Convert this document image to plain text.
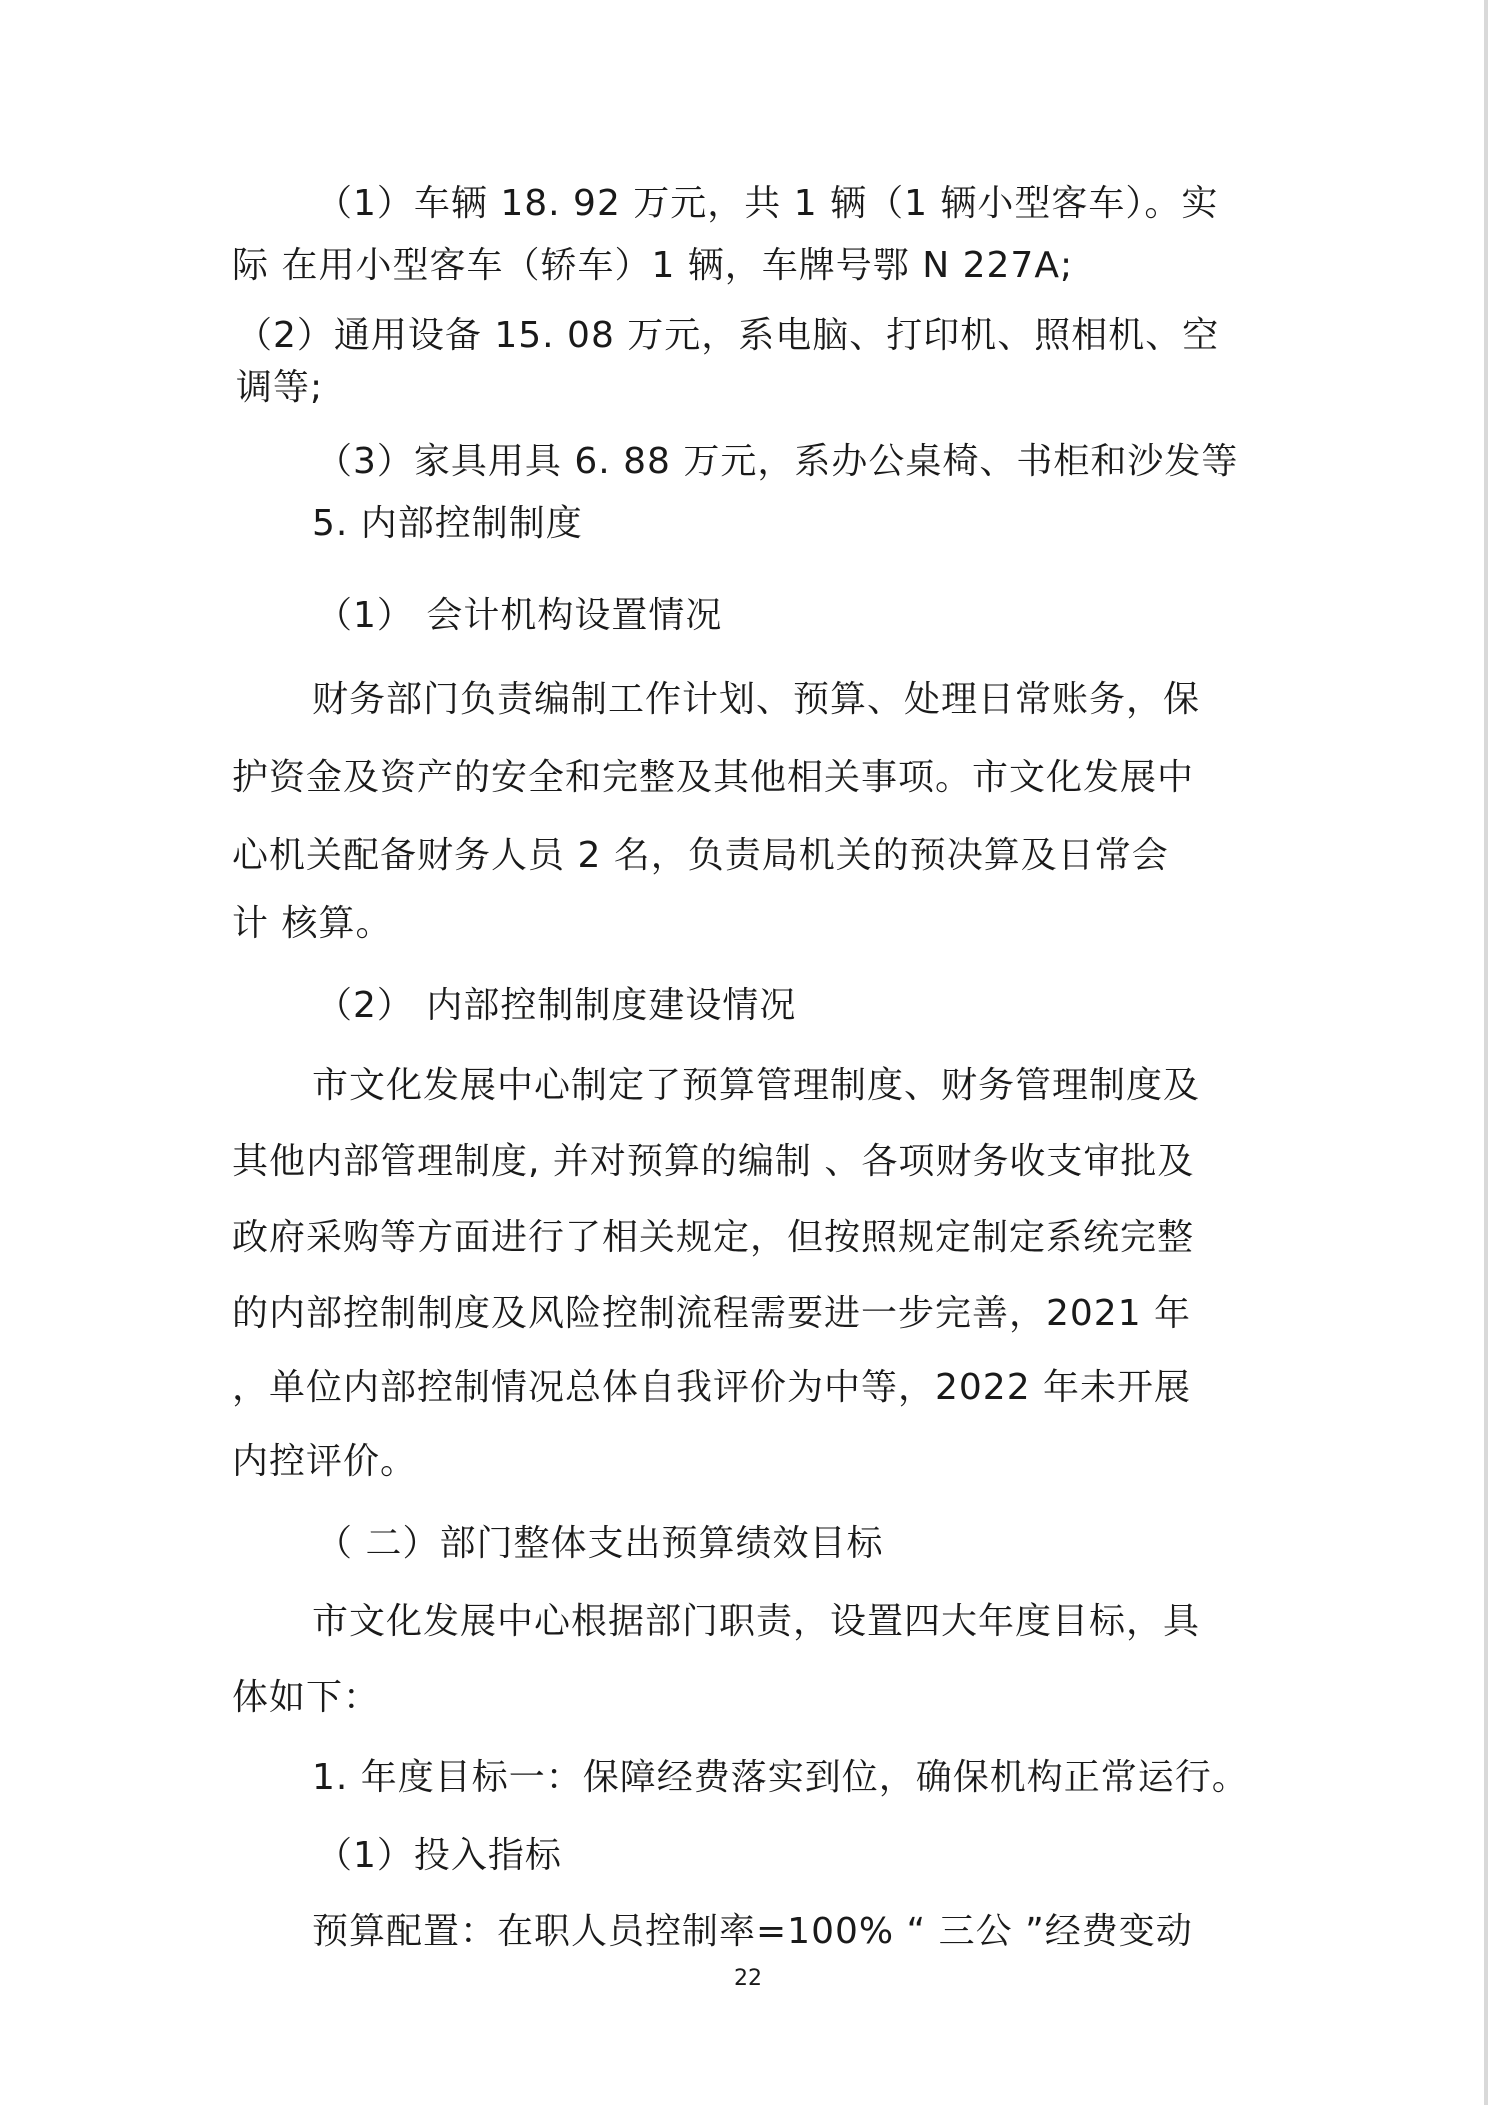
（1）车辆 18. 92 万元，共 1 辆（1 辆小型客车）。实
际 在用小型客车（轿车）1 辆，车牌号鄂 N 227A;
（2）通用设备 15. 08 万元，系电脑、打印机、照相机、空
调等;
（3）家具用具 6. 88 万元，系办公桌椅、书柜和沙发等
5. 内部控制制度
（1） 会计机构设置情况
财务部门负责编制工作计划、预算、处理日常账务，保
护资金及资产的安全和完整及其他相关事项。市文化发展中
心机关配备财务人员 2 名，负责局机关的预决算及日常会
计 核算。
（2） 内部控制制度建设情况
市文化发展中心制定了预算管理制度、财务管理制度及
其他内部管理制度, 并对预算的编制 、各项财务收支审批及
政府采购等方面进行了相关规定，但按照规定制定系统完整
的内部控制制度及风险控制流程需要进一步完善，2021 年
，单位内部控制情况总体自我评价为中等，2022 年未开展
内控评价。
（ 二）部门整体支出预算绩效目标
市文化发展中心根据部门职责，设置四大年度目标，具
体如下：
1. 年度目标一：保障经费落实到位，确保机构正常运行。
（1）投入指标
预算配置：在职人员控制率=100% “ 三公 ”经费变动
22
